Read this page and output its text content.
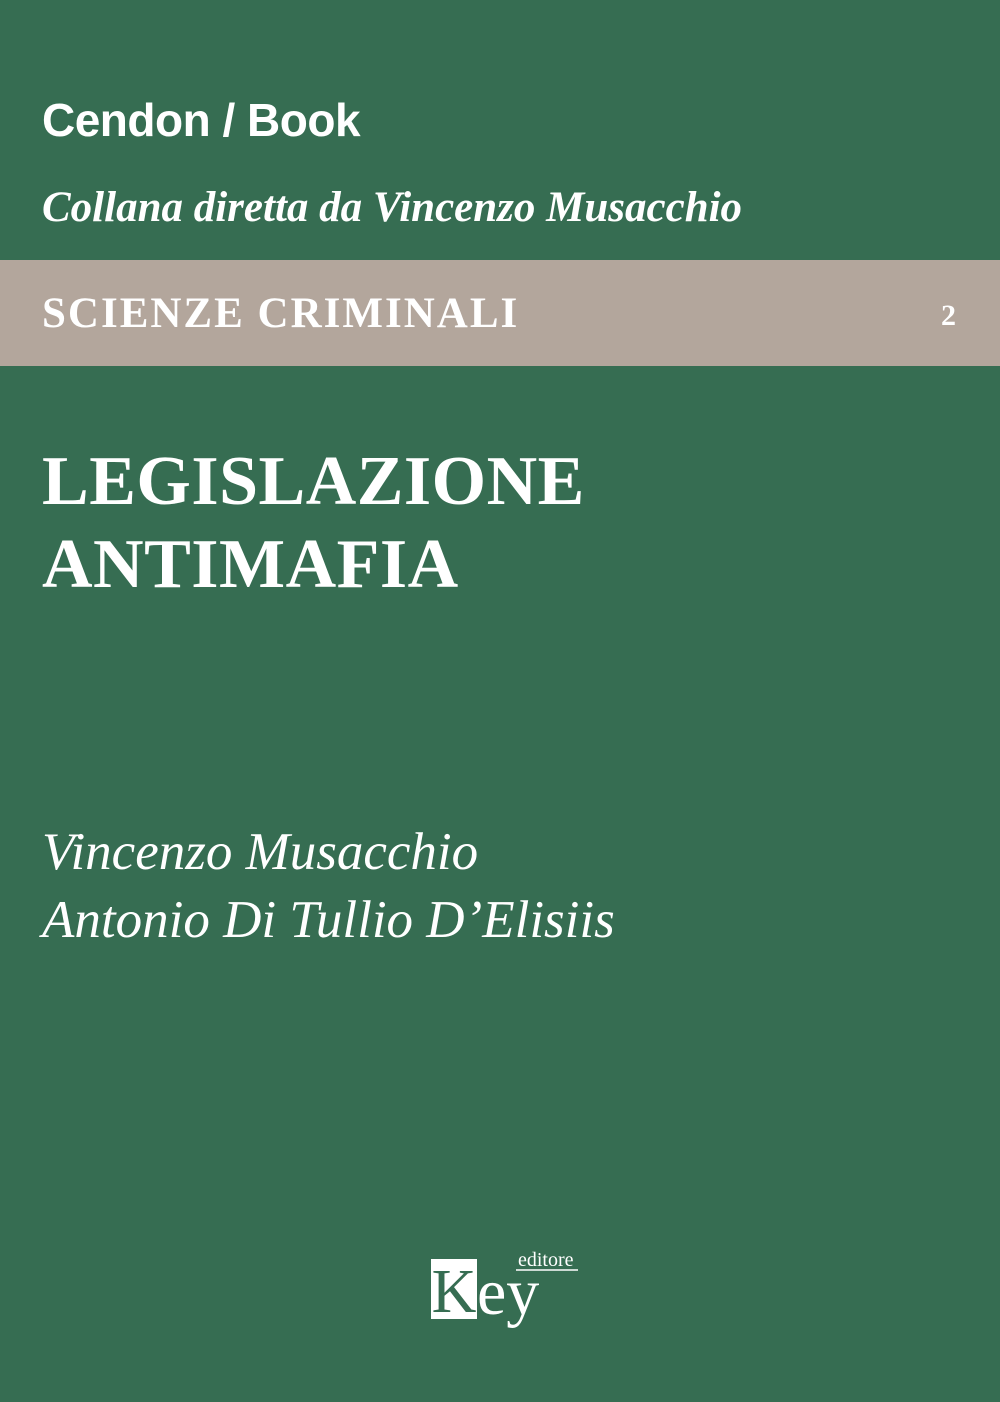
Cendon / Book
Collana diretta da Vincenzo Musacchio
SCIENZE CRIMINALI	2
LEGISLAZIONE
ANTIMAFIA
Vincenzo Musacchio
Antonio Di Tullio D’Elisiis
K ey
editore
